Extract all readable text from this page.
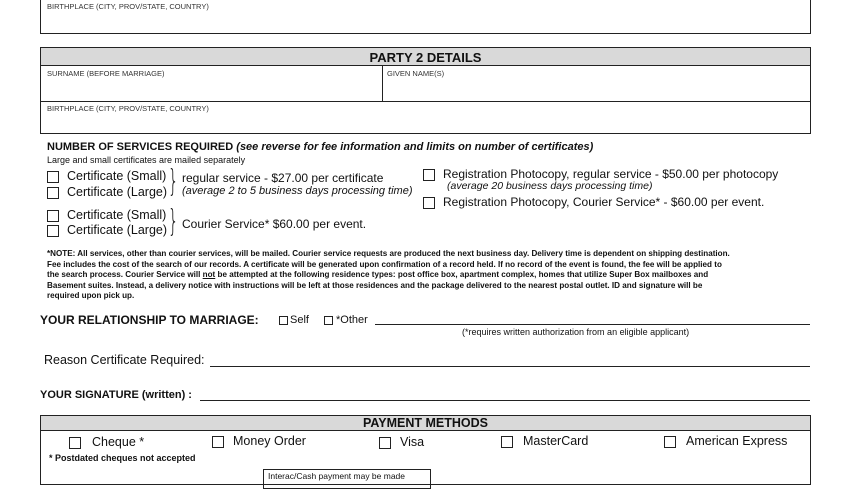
BIRTHPLACE (CITY, PROV/STATE, COUNTRY)
PARTY 2 DETAILS
SURNAME (BEFORE MARRIAGE)	GIVEN NAME(S)
BIRTHPLACE (CITY, PROV/STATE, COUNTRY)
NUMBER OF SERVICES REQUIRED (see reverse for fee information and limits on number of certificates)
Large and small certificates are mailed separately
Certificate (Small)
Certificate (Large) } regular service - $27.00 per certificate
(average 2 to 5 business days processing time)
Certificate (Small)
Certificate (Large) } Courier Service* $60.00 per event.
Registration Photocopy, regular service - $50.00 per photocopy
(average 20 business days processing time)
Registration Photocopy, Courier Service* - $60.00 per event.
*NOTE: All services, other than courier services, will be mailed. Courier service requests are produced the next business day. Delivery time is dependent on shipping destination.
Fee includes the cost of the search of our records. A certificate will be generated upon confirmation of a record held. If no record of the event is found, the fee will be applied to
the search process. Courier Service will not be attempted at the following residence types: post office box, apartment complex, homes that utilize Super Box mailboxes and
Basement suites. Instead, a delivery notice with instructions will be left at those residences and the package delivered to the nearest postal outlet. ID and signature will be
required upon pick up.
YOUR RELATIONSHIP TO MARRIAGE:	Self *Other
(*requires written authorization from an eligible applicant)
Reason Certificate Required:
YOUR SIGNATURE (written) :
PAYMENT METHODS
Cheque *	Money Order	Visa	MasterCard	American Express
* Postdated cheques not accepted
Interac/Cash payment may be made
